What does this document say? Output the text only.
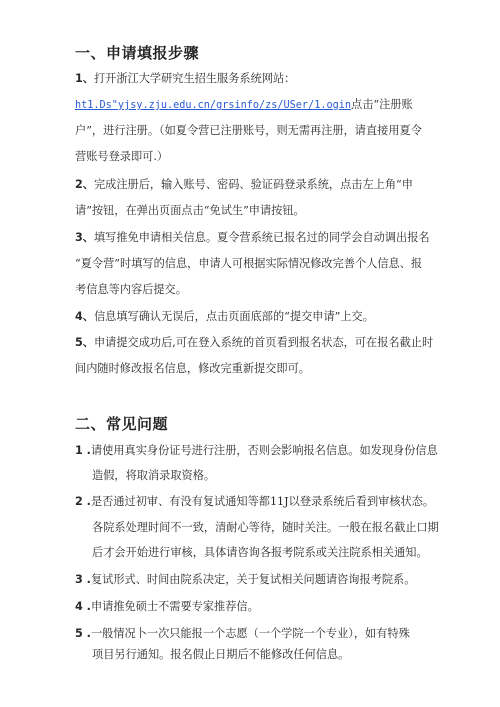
一、申请填报步骤

1、打开浙江大学研究生招生服务系统网站：

ht1.Ds"yjsy.zju.edu.cn/grsinfo/zs/USer/1.ogin点击“注册账

户”，进行注册。（如夏令营已注册账号，则无需再注册，请直接用夏令

营账号登录即可.）

2、完成注册后，输入账号、密码、验证码登录系统，点击左上角“申

请”按钮，在弹出页面点击“免试生”申请按钮。

3、填写推免申请相关信息。夏令营系统已报名过的同学会自动调出报名

“夏令营”时填写的信息，申请人可根据实际情况修改完善个人信息、报

考信息等内容后提交。

4、信息填写确认无误后，点击页面底部的“提交申请”上交。

5、申请提交成功后,可在登入系统的首页看到报名状态，可在报名截止时

间内随时修改报名信息，修改完重新提交即可。

二、常见问题

1 .请使用真实身份证号进行注册，否则会影响报名信息。如发现身份信息

造假，将取消录取资格。

2 .是否通过初审、有没有复试通知等都11J以登录系统后看到审核状态。

各院系处理时间不一致，清耐心等待，随时关注。一般在报名截止口期

后才会开始进行审核，具体请咨询各报考院系或关注院系相关通知。

3 .复试形式、时间由院系决定，关于复试相关问题请咨询报考院系。

4 .申请推免硕士不需要专家推荐信。

5 .一般情况卜一次只能报一个志愿（一个学院一个专业），如有特殊

项目另行通知。报名假止日期后不能修改任何信息。
